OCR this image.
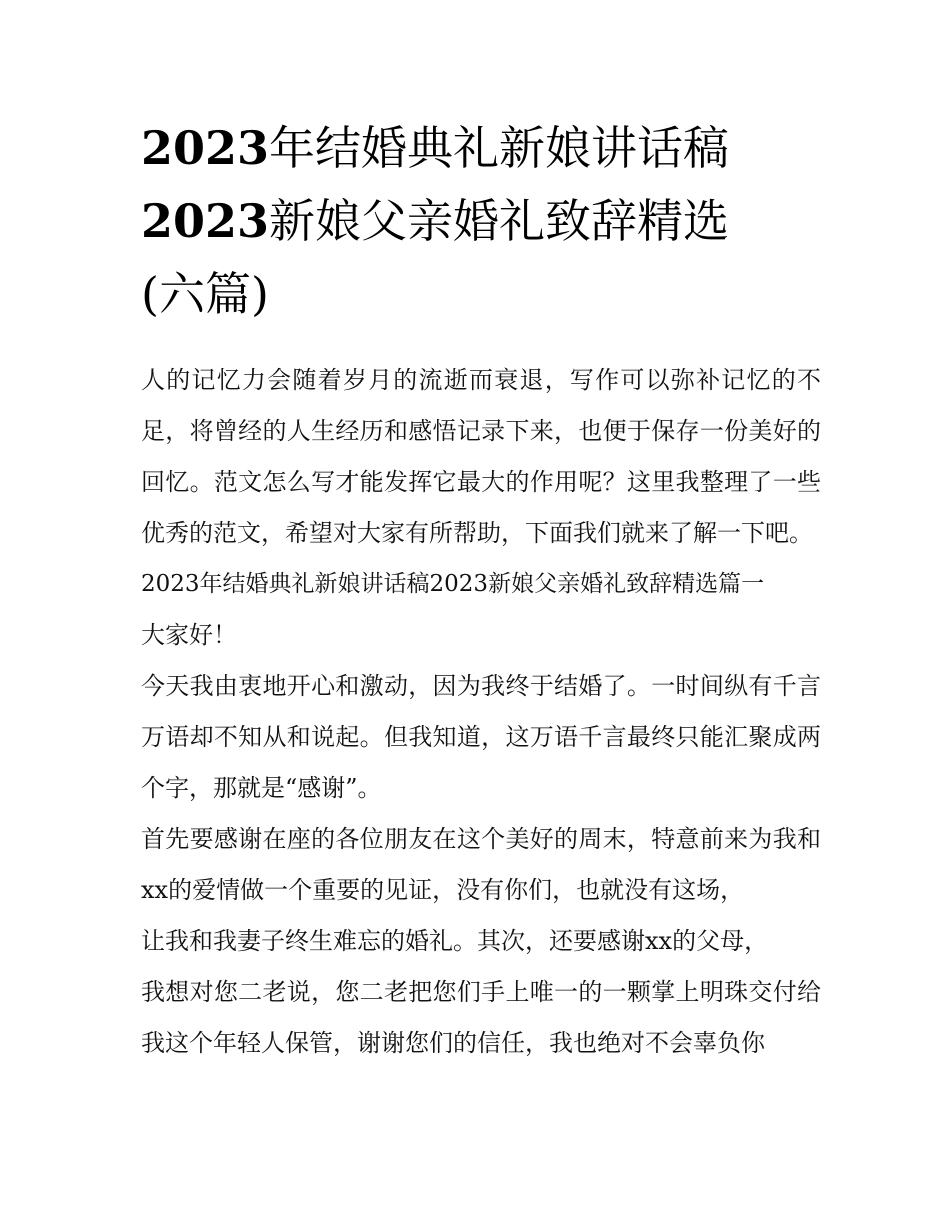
2023年结婚典礼新娘讲话稿
2023新娘父亲婚礼致辞精选
(六篇)

人的记忆力会随着岁月的流逝而衰退，写作可以弥补记忆的不足，将曾经的人生经历和感悟记录下来，也便于保存一份美好的回忆。范文怎么写才能发挥它最大的作用呢？这里我整理了一些优秀的范文，希望对大家有所帮助，下面我们就来了解一下吧。

2023年结婚典礼新娘讲话稿2023新娘父亲婚礼致辞精选篇一

大家好！

今天我由衷地开心和激动，因为我终于结婚了。一时间纵有千言万语却不知从和说起。但我知道，这万语千言最终只能汇聚成两个字，那就是“感谢”。

首先要感谢在座的各位朋友在这个美好的周末，特意前来为我和xx的爱情做一个重要的见证，没有你们，也就没有这场，

让我和我妻子终生难忘的婚礼。其次，还要感谢xx的父母，

我想对您二老说，您二老把您们手上唯一的一颗掌上明珠交付给我这个年轻人保管，谢谢您们的信任，我也绝对不会辜负你
